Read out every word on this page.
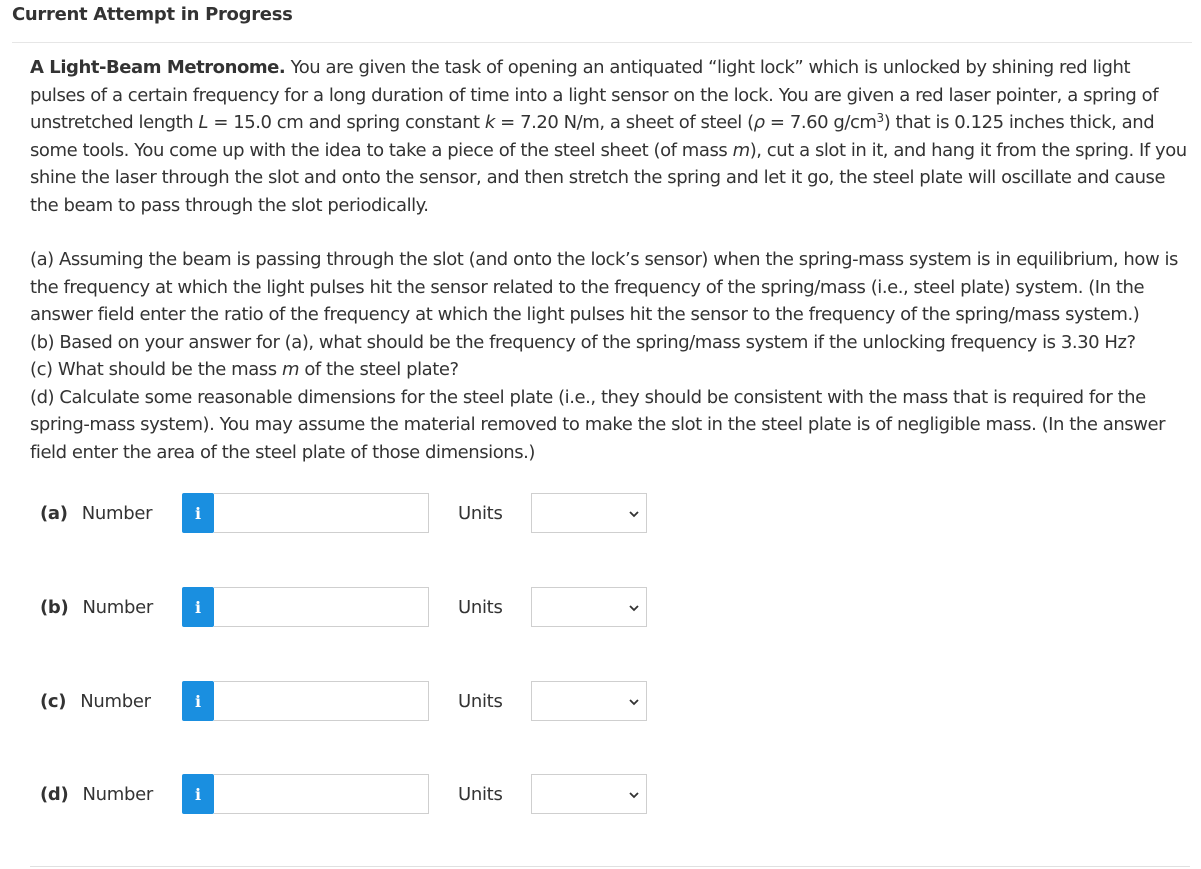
Current Attempt in Progress

A Light-Beam Metronome. You are given the task of opening an antiquated “light lock” which is unlocked by shining red light pulses of a certain frequency for a long duration of time into a light sensor on the lock. You are given a red laser pointer, a spring of unstretched length L = 15.0 cm and spring constant k = 7.20 N/m, a sheet of steel (ρ = 7.60 $g/cm^3$) that is 0.125 inches thick, and some tools. You come up with the idea to take a piece of the steel sheet (of mass m), cut a slot in it, and hang it from the spring. If you shine the laser through the slot and onto the sensor, and then stretch the spring and let it go, the steel plate will oscillate and cause the beam to pass through the slot periodically.

(a) Assuming the beam is passing through the slot (and onto the lock’s sensor) when the spring-mass system is in equilibrium, how is the frequency at which the light pulses hit the sensor related to the frequency of the spring/mass (i.e., steel plate) system. (In the answer field enter the ratio of the frequency at which the light pulses hit the sensor to the frequency of the spring/mass system.)

(b) Based on your answer for (a), what should be the frequency of the spring/mass system if the unlocking frequency is 3.30 Hz?

(c) What should be the mass m of the steel plate?

(d) Calculate some reasonable dimensions for the steel plate (i.e., they should be consistent with the mass that is required for the spring-mass system). You may assume the material removed to make the slot in the steel plate is of negligible mass. (In the answer field enter the area of the steel plate of those dimensions.)

(a) Number	i	Units
(b) Number	i	Units
(c) Number	i	Units
(d) Number	i	Units
